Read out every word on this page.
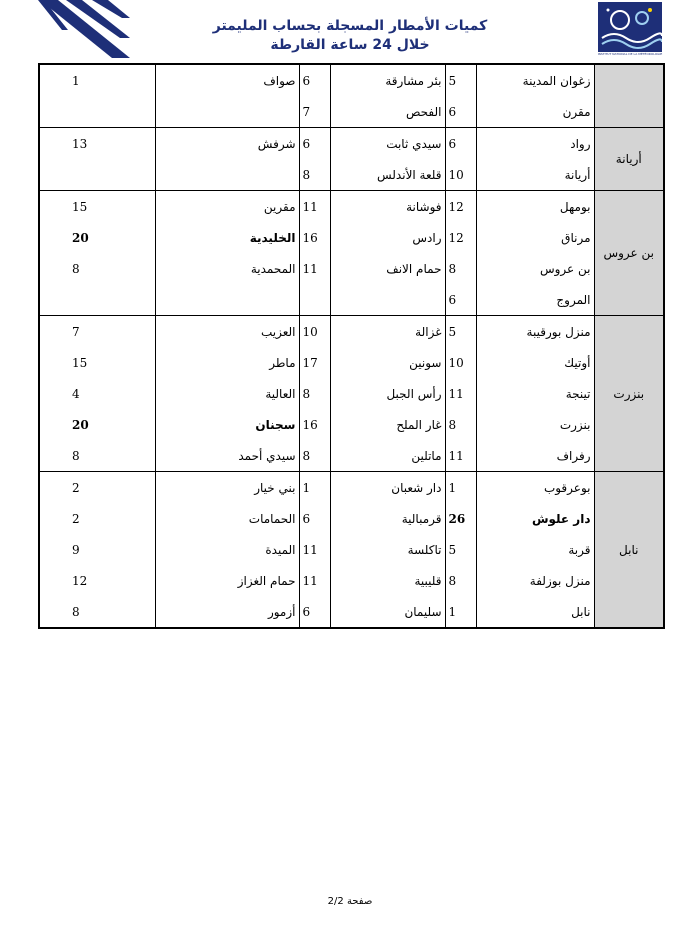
كميات الأمطار المسجلة بحساب المليمتر
خلال 24 ساعة القارطة
INSTITUT NATIONAL DE LA MÉTÉOROLOGIE
	زغوان المدينة	5	بئر مشارقة	6	صواف	1
	مقرن	6	الفحص	7		
أريانة	رواد	6	سيدي ثابت	6	شرفش	13
	أريانة	10	قلعة الأندلس	8		
بن عروس	بومهل	12	فوشانة	11	مقرين	15
	مرناق	12	رادس	16	الخليدية	20
	بن عروس	8	حمام الانف	11	المحمدية	8
	المروج	6				
بنزرت	منزل بورقيبة	5	غزالة	10	العزيب	7
	أوتيك	10	سونين	17	ماطر	15
	تينجة	11	رأس الجبل	8	العالية	4
	بنزرت	8	غار الملح	16	سجنان	20
	رفراف	11	ماتلين	8	سيدي أحمد	8
نابل	بوعرقوب	1	دار شعبان	1	بني خيار	2
	دار علوش	26	قرمبالية	6	الحمامات	2
	قربة	5	تاكلسة	11	الميدة	9
	منزل بوزلفة	8	قليبية	11	حمام الغزاز	12
	نابل	1	سليمان	6	أزمور	8
صفحة 2/2
